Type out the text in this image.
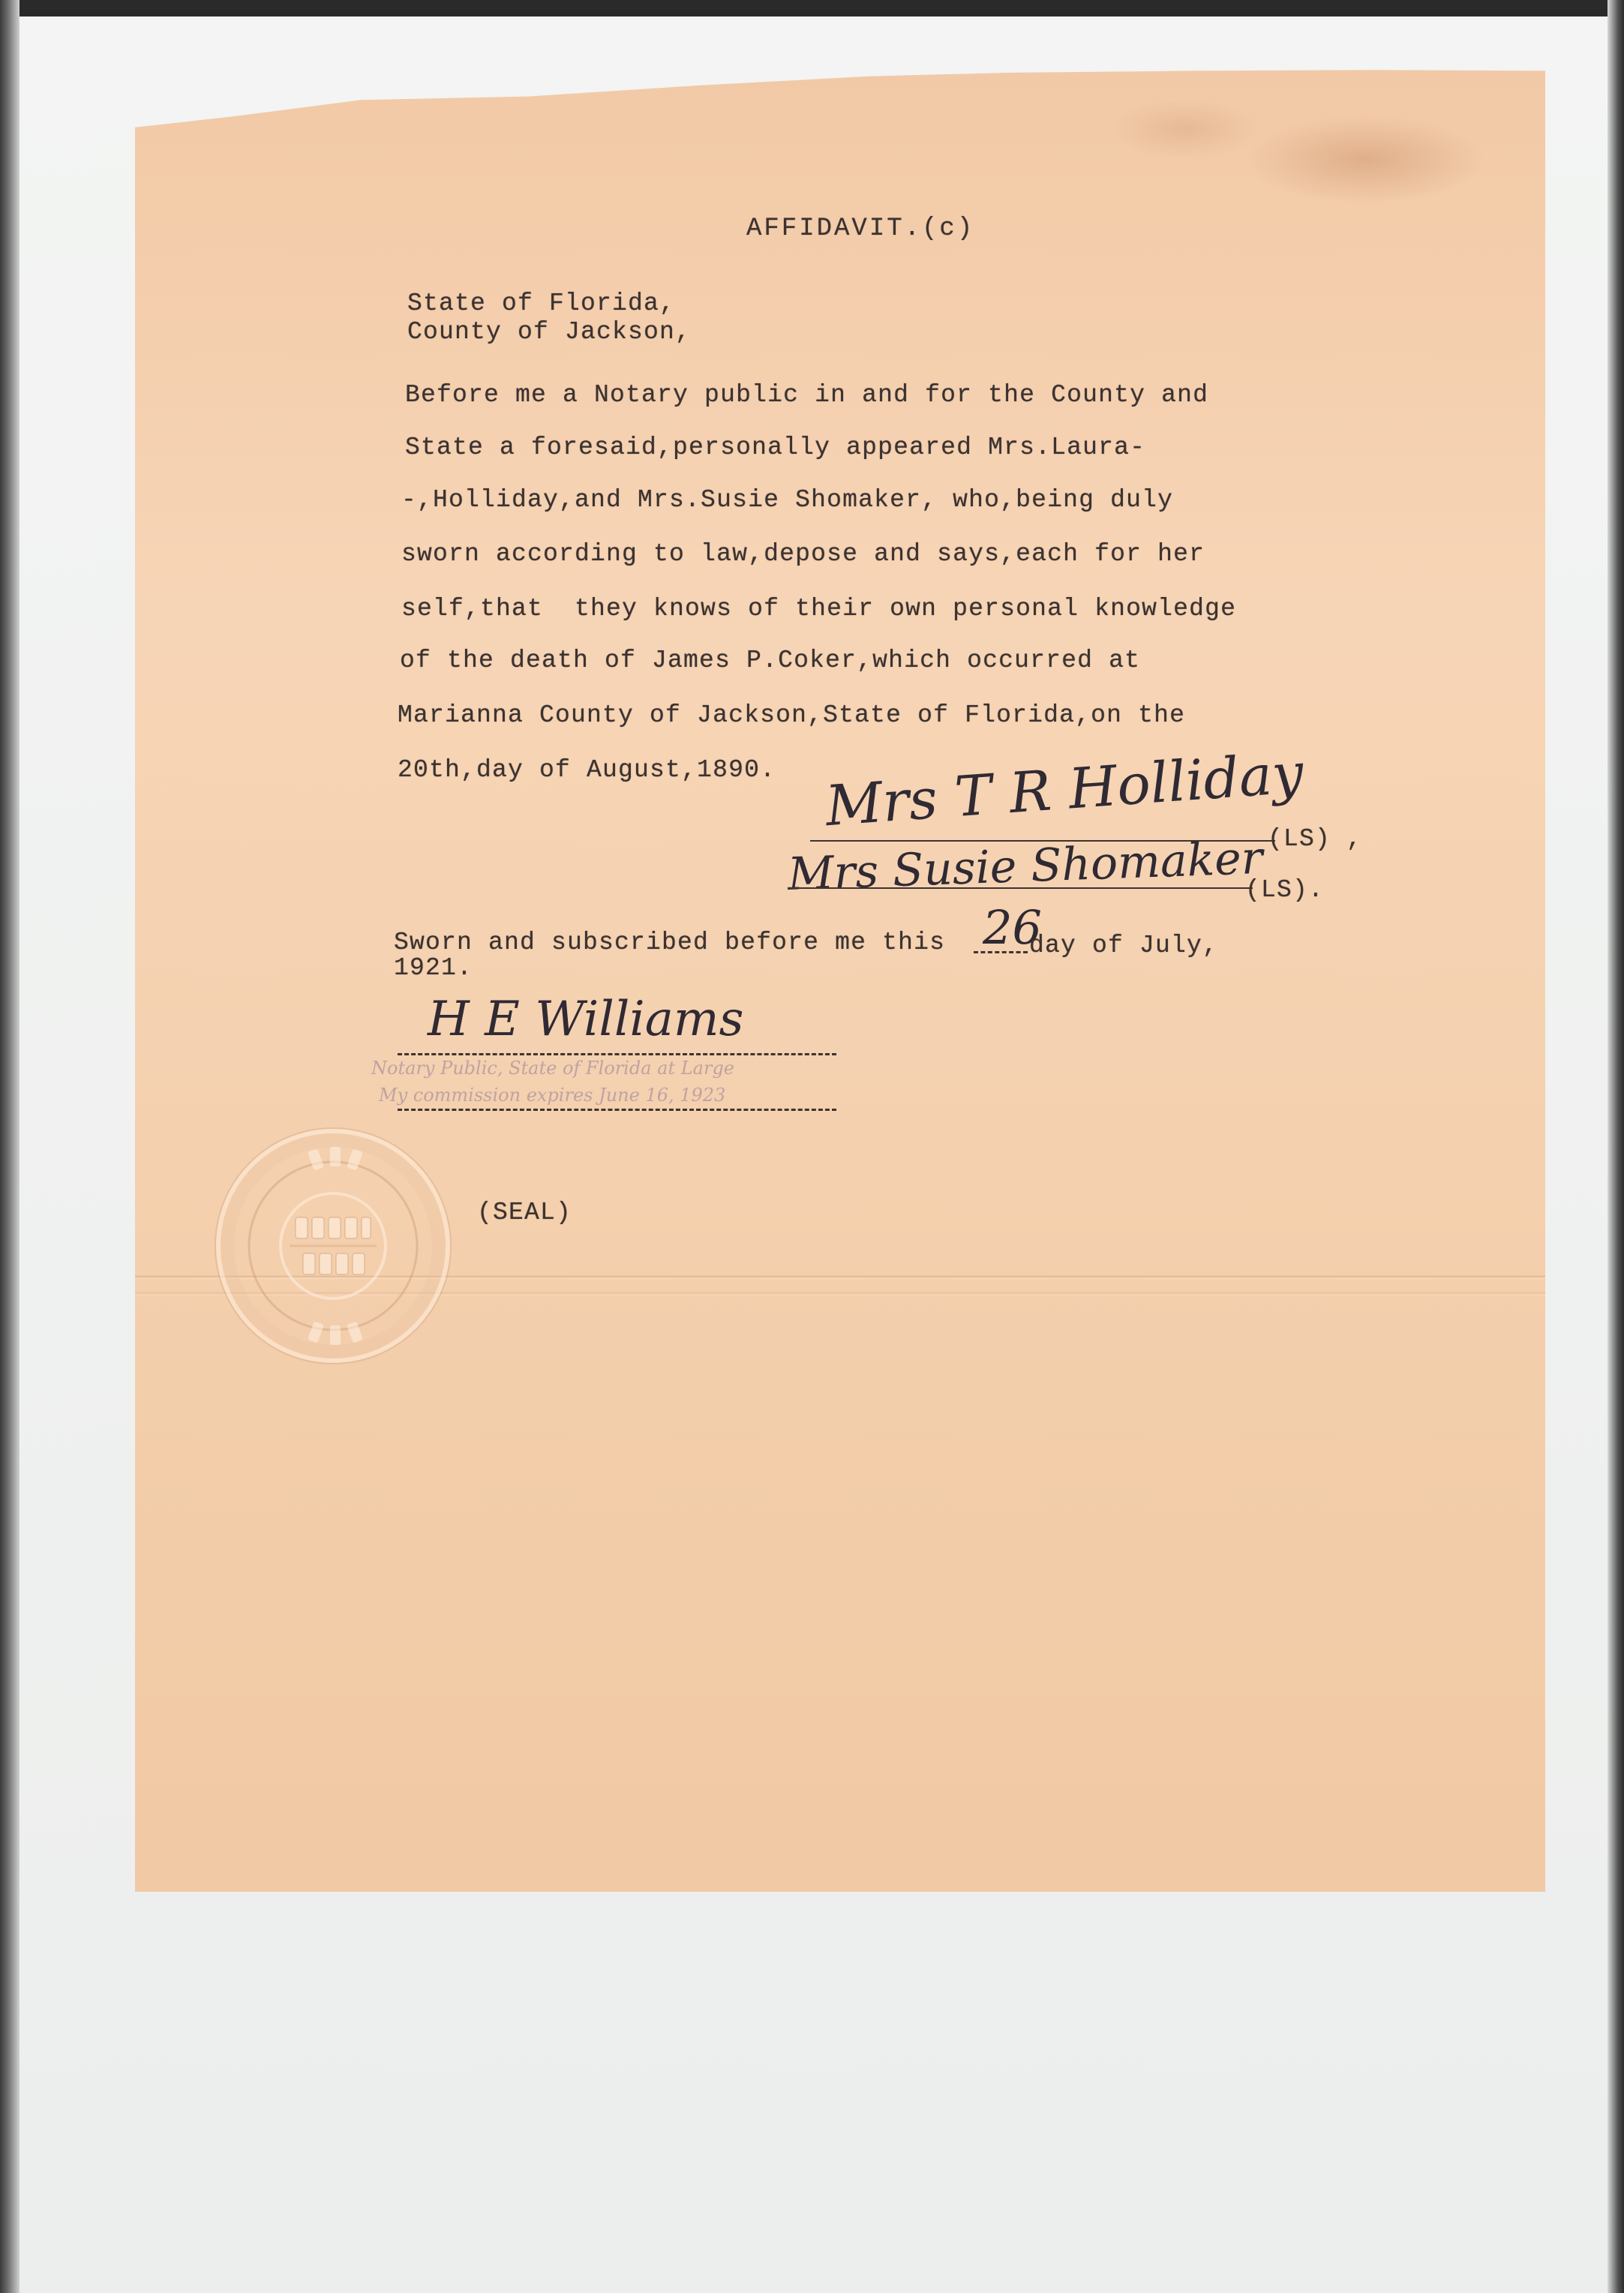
AFFIDAVIT.(c)
State of Florida,
County of Jackson,
Before me a Notary public in and for the County and
State a foresaid,personally appeared Mrs.Laura-
-,Holliday,and Mrs.Susie Shomaker, who,being duly
sworn according to law,depose and says,each for her
self,that  they knows of their own personal knowledge
of the death of James P.Coker,which occurred at
Marianna County of Jackson,State of Florida,on the
20th,day of August,1890. Mrs T R Holliday
(LS) ,
Mrs Susie Shomaker
(LS).
Sworn and subscribed before me this 26
day of July,
1921.
H E Williams
Notary Public, State of Florida at Large
My commission expires June 16, 1923
(SEAL)
